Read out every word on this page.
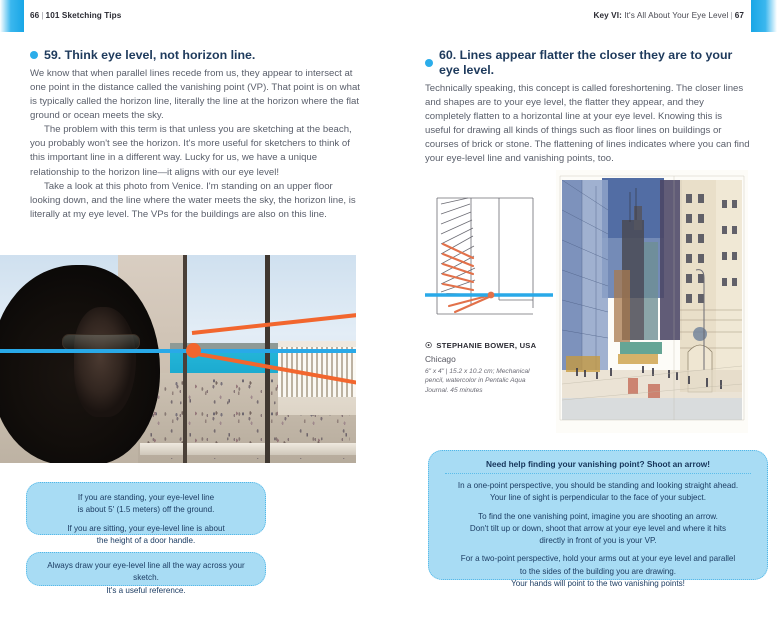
66 | 101 Sketching Tips	Key VI: It's All About Your Eye Level | 67
59. Think eye level, not horizon line.

We know that when parallel lines recede from us, they appear to intersect at one point in the distance called the vanishing point (VP). That point is on what is typically called the horizon line, literally the line at the horizon where the flat ground or ocean meets the sky.

The problem with this term is that unless you are sketching at the beach, you probably won't see the horizon. It's more useful for sketchers to think of this important line in a different way. Lucky for us, we have a unique relationship to the horizon line—it aligns with our eye level!

Take a look at this photo from Venice. I'm standing on an upper floor looking down, and the line where the water meets the sky, the horizon line, is literally at my eye level. The VPs for the buildings are also on this line.

If you are standing, your eye-level line
is about 5' (1.5 meters) off the ground.
If you are sitting, your eye-level line is about
the height of a door handle.
Always draw your eye-level line all the way across your sketch.
It's a useful reference.
60. Lines appear flatter the closer they are to your eye level.

Technically speaking, this concept is called foreshortening. The closer lines and shapes are to your eye level, the flatter they appear, and they completely flatten to a horizontal line at your eye level. Knowing this is useful for drawing all kinds of things such as floor lines on buildings or courses of brick or stone. The flattening of lines indicates where you can find your eye-level line and vanishing points, too.

☉ STEPHANIE BOWER, USA
Chicago
6" x 4" | 15.2 x 10.2 cm; Mechanical pencil, watercolor in Pentalic Aqua Journal. 45 minutes
Need help finding your vanishing point? Shoot an arrow!
In a one-point perspective, you should be standing and looking straight ahead.
Your line of sight is perpendicular to the face of your subject.
To find the one vanishing point, imagine you are shooting an arrow.
Don't tilt up or down, shoot that arrow at your eye level and where it hits
directly in front of you is your VP.
For a two-point perspective, hold your arms out at your eye level and parallel
to the sides of the building you are drawing.
Your hands will point to the two vanishing points!
